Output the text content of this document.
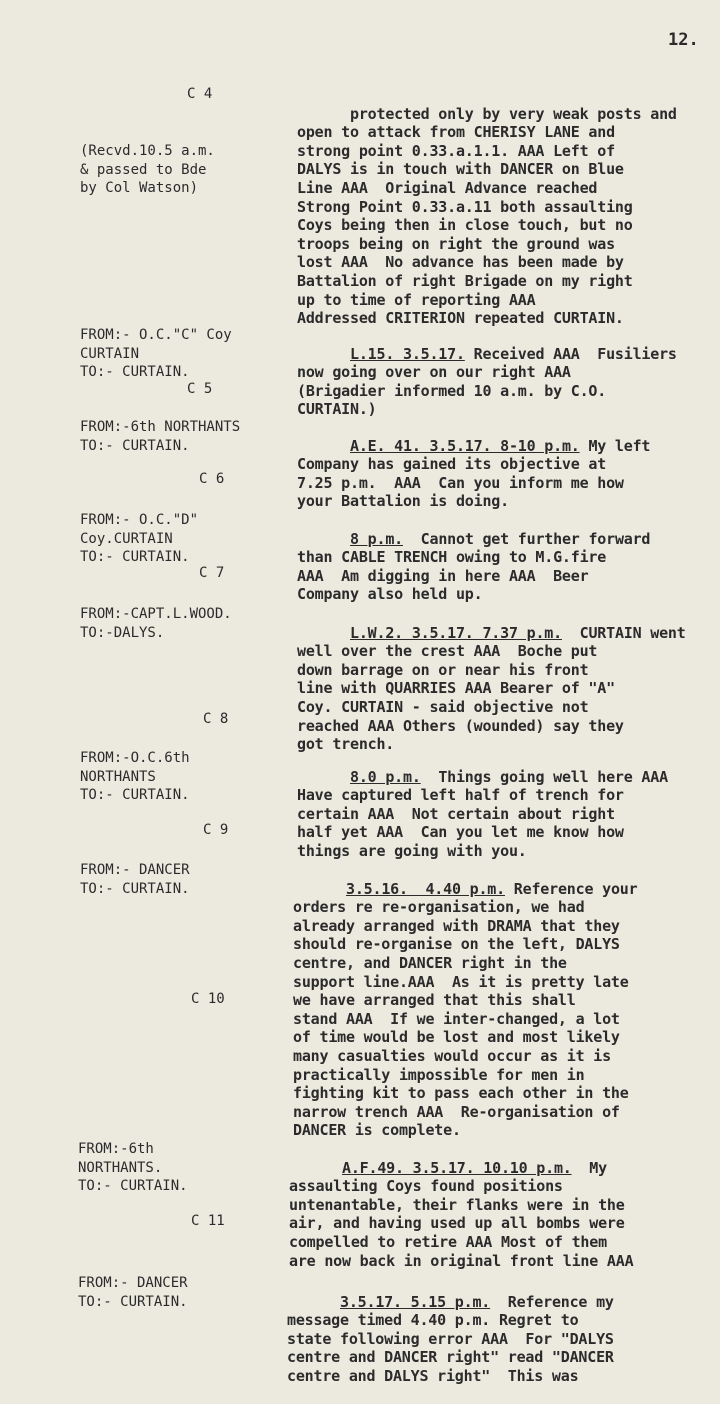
12.
C 4
(Recvd.10.5 a.m.
& passed to Bde
by Col Watson)

protected only by very weak posts and
open to attack from CHERISY LANE and
strong point 0.33.a.1.1. AAA Left of
DALYS is in touch with DANCER on Blue
Line AAA  Original Advance reached
Strong Point 0.33.a.11 both assaulting
Coys being then in close touch, but no
troops being on right the ground was
lost AAA  No advance has been made by
Battalion of right Brigade on my right
up to time of reporting AAA
Addressed CRITERION repeated CURTAIN.

FROM:- O.C."C" Coy
CURTAIN
TO:- CURTAIN.
C 5

L.15. 3.5.17. Received AAA  Fusiliers
now going over on our right AAA
(Brigadier informed 10 a.m. by C.O.
CURTAIN.)

FROM:-6th NORTHANTS
TO:- CURTAIN.
C 6

A.E. 41. 3.5.17. 8-10 p.m. My left
Company has gained its objective at
7.25 p.m.  AAA  Can you inform me how
your Battalion is doing.

FROM:- O.C."D"
Coy.CURTAIN
TO:- CURTAIN.
C 7

8 p.m.  Cannot get further forward
than CABLE TRENCH owing to M.G.fire
AAA  Am digging in here AAA  Beer
Company also held up.

FROM:-CAPT.L.WOOD.
TO:-DALYS.
C 8

L.W.2. 3.5.17. 7.37 p.m.  CURTAIN went
well over the crest AAA  Boche put
down barrage on or near his front
line with QUARRIES AAA Bearer of "A"
Coy. CURTAIN - said objective not
reached AAA Others (wounded) say they
got trench.

FROM:-O.C.6th
NORTHANTS
TO:- CURTAIN.
C 9

8.0 p.m.  Things going well here AAA
Have captured left half of trench for
certain AAA  Not certain about right
half yet AAA  Can you let me know how
things are going with you.

FROM:- DANCER
TO:- CURTAIN.
C 10

3.5.16.  4.40 p.m. Reference your
orders re re-organisation, we had
already arranged with DRAMA that they
should re-organise on the left, DALYS
centre, and DANCER right in the
support line.AAA  As it is pretty late
we have arranged that this shall
stand AAA  If we inter-changed, a lot
of time would be lost and most likely
many casualties would occur as it is
practically impossible for men in
fighting kit to pass each other in the
narrow trench AAA  Re-organisation of
DANCER is complete.

FROM:-6th
NORTHANTS.
TO:- CURTAIN.
C 11

A.F.49. 3.5.17. 10.10 p.m.  My
assaulting Coys found positions
untenantable, their flanks were in the
air, and having used up all bombs were
compelled to retire AAA Most of them
are now back in original front line AAA

FROM:- DANCER
TO:- CURTAIN.	3.5.17. 5.15 p.m.  Reference my
message timed 4.40 p.m. Regret to
state following error AAA  For "DALYS
centre and DANCER right" read "DANCER
centre and DALYS right"  This was
